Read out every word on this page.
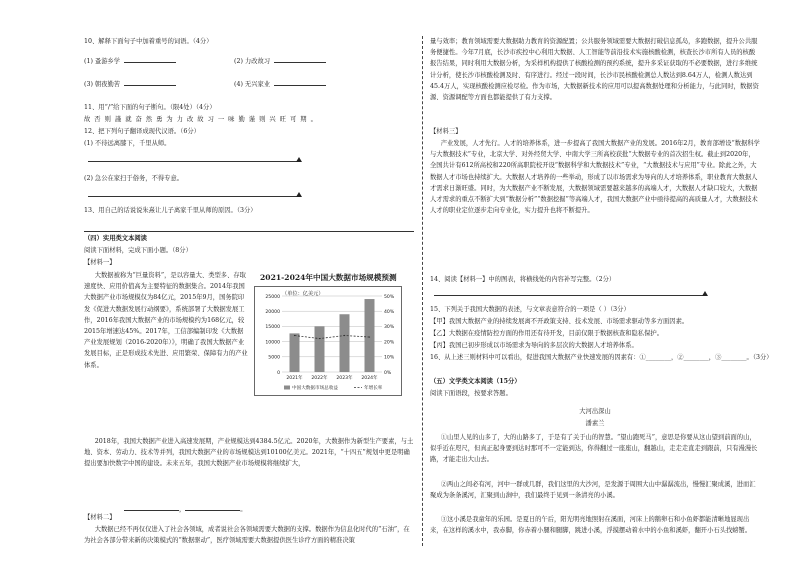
10、解释下面句子中加着重号的词语。（4分）
(1) 蚤游乡学	(2) 力改故习
(3) 朝夜勤苦	(4) 无兴家业
11、用“/”给下面的句子断句。（限4处）（4分）
故 否 则 謹 就 奋 然 勇 为 力 改 故 习 一 味 勤 谨 则 兴 旺 可 期 。
12、把下列句子翻译成现代汉语。（6分）
(1) 不待远离膝下，千里从师。
(2) 急公在家扫于俗务，不得专意。
13、用自己的话说说朱熹让儿子离家千里从师的原因。（3分）
（四）实用类文本阅读
阅读下面材料，完成下面小题。（8分）
【材料一】
大数据被称为“巨量资料”，是以容量大、类型多、存取速度快、应用价值高为主要特征的数据集合。2014年我国大数据产业市场规模仅为84亿元，2015年9月，国务院印发《促进大数据发展行动纲要》，系统部署了大数据发展工作，2016年我国大数据产业的市场规模约为168亿元，较2015年增速达45%。2017年，工信部编制印发《大数据产业发展规划（2016-2020年）》，明确了我国大数据产业发展目标，正是形成技术先进、应用繁荣、保障有力的产业体系。
2021-2024年中国大数据市场规模预测
（单位：亿美元）
0
5000
10000
15000
20000
25000
0%
10%
20%
30%
40%
50%
2021年 2022年 2023年 2024年
中国大数据市场总收益	年增长率
2018年，我国大数据产业进入高速发展期，产业规模达到4384.5亿元。2020年，大数据作为新型生产要素，与土地、资本、劳动力、技术等并列，我国大数据产业的市场规模达到10100亿美元。2021年，“十四五”规划中更是明确提出要加快数字中国的建设。未来五年，我国大数据产业市场规模将继续扩大，
，	。
【材料二】
大数据已经不再仅仅进入了社会各领域，成者说社会各领域需要大数据的支撑。数据作为信息化时代的“石油”，在为社会各部分带来新的决策模式的“数据驱动”，医疗领域需要大数据提供医生诊疗方面的精准决策
量与效率；教育领域需要大数据助力教育的资源配置；公共服务领域需要大数据打破信息孤岛，多跑数据，提升公共服务便捷性。今年7月底，长沙市疾控中心利用大数据、人工智能等前沿技术实施核酸检测，核查长沙市所有人员的核酸报告结果，同时利用大数据分析，为采样机构提供了核酸检测的预约系统，提升多采证获取的不必要数据，进行多维统计分析，使长沙市核酸检测及时、有序进行。经过一段时间，长沙市民核酸检测总人数达到8.64万人，检测人数达到45.4万人，实现核酸检测应检尽检。作为市场，大数据新技术的应用可以提高数据处理和分析能力，与此同时，数据资源、资源调配等方面也都能提供了有力支撑。
【材料三】
产业发展，人才先行。人才的培养体系，进一步提高了我国大数据产业的发展。2016年2月，教育部增设“数据科学与大数据技术”专业，北京大学、对外经贸大学、中南大学三所高校获批“大数据专业的首次招生权。截止到2020年，全国共计有612所高校和220所高职院校开设“数据科学和大数据技术”专业，“大数据技术与应用”专业。除此之外，大数据人才市场也持续扩大。大数据人才培养的一些举动，形成了以市场需求为导向的人才培养体系，职业教育大数据人才需求日渐旺盛。同时，为大数据产业不断发展，大数据领域需要越来越多的高端人才，大数据人才缺口较大，大数据人才需求的重点不断扩大到“数据分析”“数据挖掘”等高端人才，我国大数据产业中亟待提高的高质量人才，大数据技术人才的职业定位逐步走向专业化，实力提升也将不断提升。
14、阅读【材料一】中的图表，将横线处的内容补写完整。（2分）
15、下列关于我国大数据的表述，与文章表意符合的一项是（ ）（3分）
【甲】我国大数据产业的持续发展离不开政策支持、技术发展、市场需求驱动等多方面因素。
【乙】大数据在疫情防控方面的作用还有待开发，目前仅限于数据核查和隐私保护。
【丙】我国已初步形成以市场需求为导向的多层次的大数据人才培养体系。
16、从上述三则材料中可以看出，促进我国大数据产业快速发展的因素有：①________，②________，③________。（3分）
（五）文学类文本阅读（15分）
阅读下面语段，按要求答题。
大河出深山
潘素兰
①山里人见的山多了，大的山路多了，于是有了关于山的智慧。“望山跑死马”，意思是你要从这山望到前面的山，似乎近在咫尺，但真正起身要到达时那可不一定能到达，你得翻过一座座山，翻越山，走走走直走到跟前，只有漫漫长路，才能走出大山去。
②两山之间必有河，河中一群或几群，我们这里的大沙河，是发源于周围大山中潺潺流出，慢慢汇聚成溪，进而汇聚成为条条溪河，汇聚到山涧中，我们最终于见到一条清亮的小溪。
③这小溪是我童年的乐园。是夏日的午后，阳光明亮地照射在溪面，河床上的鹅卵石和小鱼虾都能清晰地显现出来，在这样的溪水中，我赤脚，你赤着小腿和腿脚，跳进小溪，浮摸摆动着水中的小鱼和溪虾，翻开小石头找螃蟹。
